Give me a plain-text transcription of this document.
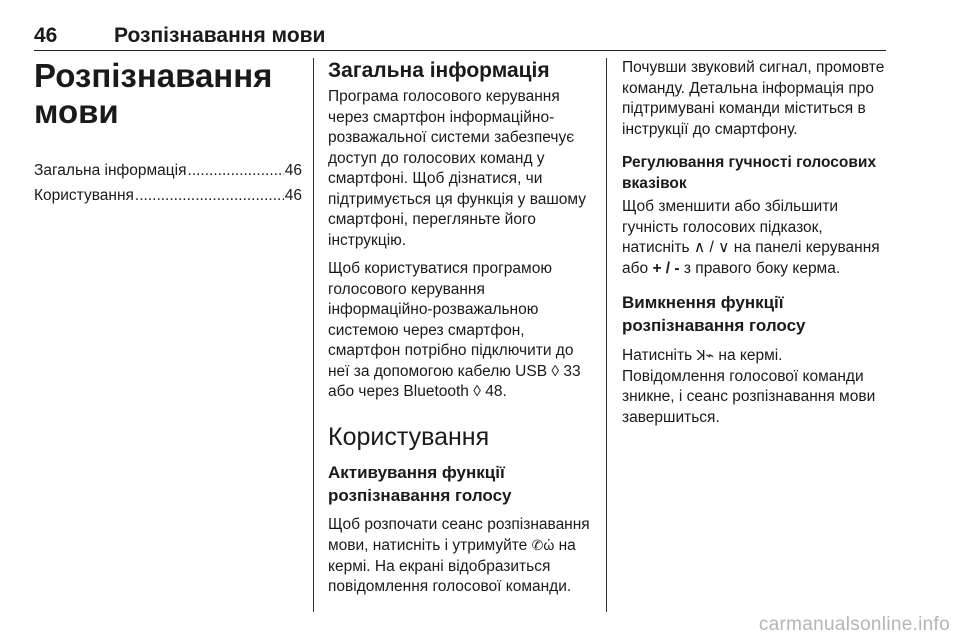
46	Розпізнавання мови
Розпізнавання мови
Загальна інформація .....	46
Користування .....	46
Загальна інформація

Програма голосового керування через смартфон інформаційно-розважальної системи забезпечує доступ до голосових команд у смартфоні. Щоб дізнатися, чи підтримується ця функція у вашому смартфоні, перегляньте його інструкцію.

Щоб користуватися програмою голосового керування інформаційно-розважальною системою через смартфон, смартфон потрібно підключити до неї за допомогою кабелю USB ◊ 33 або через Bluetooth ◊ 48.

Користування
Активування функції розпізнавання голосу

Щоб розпочати сеанс розпізнавання мови, натисніть і утримуйте ✆ὠ на кермі. На екрані відобразиться повідомлення голосової команди.

Почувши звуковий сигнал, промовте команду. Детальна інформація про підтримувані команди міститься в інструкції до смартфону.

Регулювання гучності голосових вказівок

Щоб зменшити або збільшити гучність голосових підказок, натисніть ∧ / ∨ на панелі керування або + / - з правого боку керма.

Вимкнення функції розпізнавання голосу

Натисніть ꓘ⌁ на кермі. Повідомлення голосової команди зникне, і сеанс розпізнавання мови завершиться.

carmanualsonline.info
